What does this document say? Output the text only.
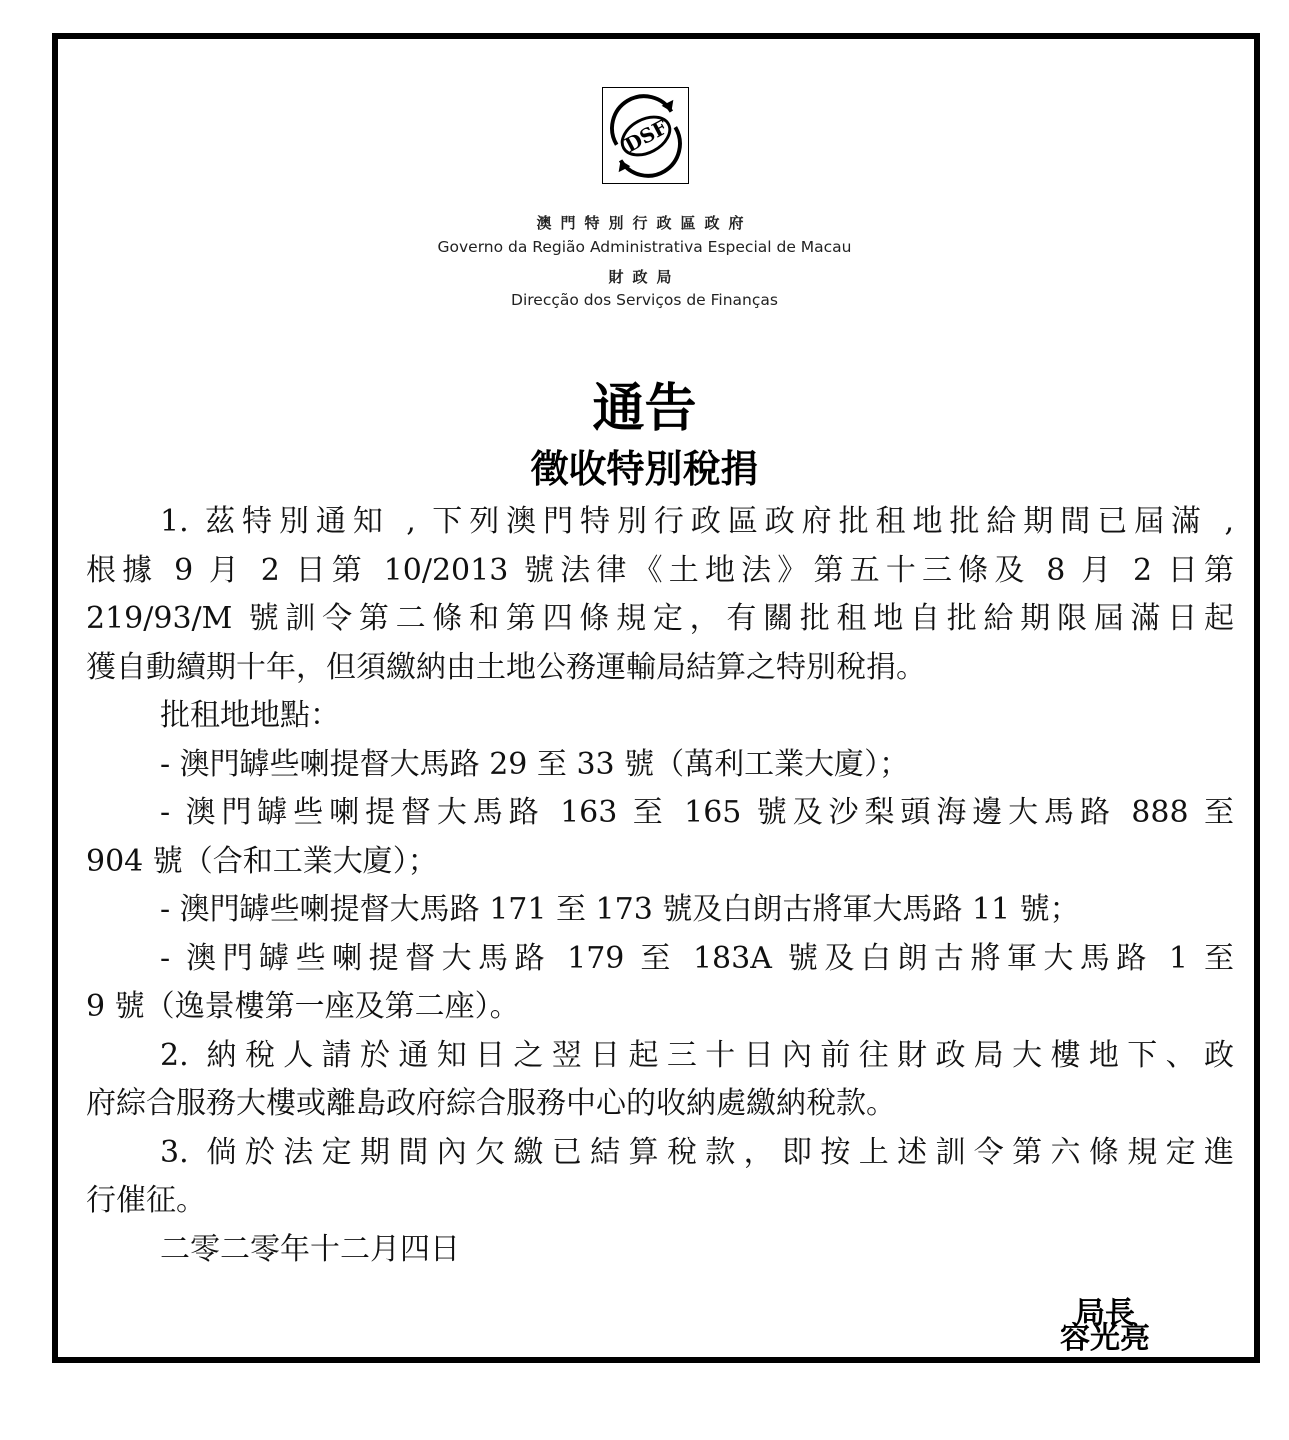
DSF
澳門特別行政區政府
Governo da Região Administrativa Especial de Macau
財政局
Direcção dos Serviços de Finanças
通告
徵收特別稅捐
1. 茲特別通知 , 下列澳門特別行政區政府批租地批給期間已屆滿 ,
根據 9 月 2 日第 10/2013 號法律《土地法》第五十三條及 8 月 2 日第
219/93/M 號訓令第二條和第四條規定，有關批租地自批給期限屆滿日起
獲自動續期十年，但須繳納由土地公務運輸局結算之特別稅捐。
批租地地點：
- 澳門罅些喇提督大馬路 29 至 33 號（萬利工業大廈）；
- 澳門罅些喇提督大馬路 163 至 165 號及沙梨頭海邊大馬路 888 至
904 號（合和工業大廈）；
- 澳門罅些喇提督大馬路 171 至 173 號及白朗古將軍大馬路 11 號；
- 澳門罅些喇提督大馬路 179 至 183A 號及白朗古將軍大馬路 1 至
9 號（逸景樓第一座及第二座）。
2. 納稅人請於通知日之翌日起三十日內前往財政局大樓地下、政
府綜合服務大樓或離島政府綜合服務中心的收納處繳納稅款。
3. 倘於法定期間內欠繳已結算稅款，即按上述訓令第六條規定進
行催征。
二零二零年十二月四日
局長
容光亮
